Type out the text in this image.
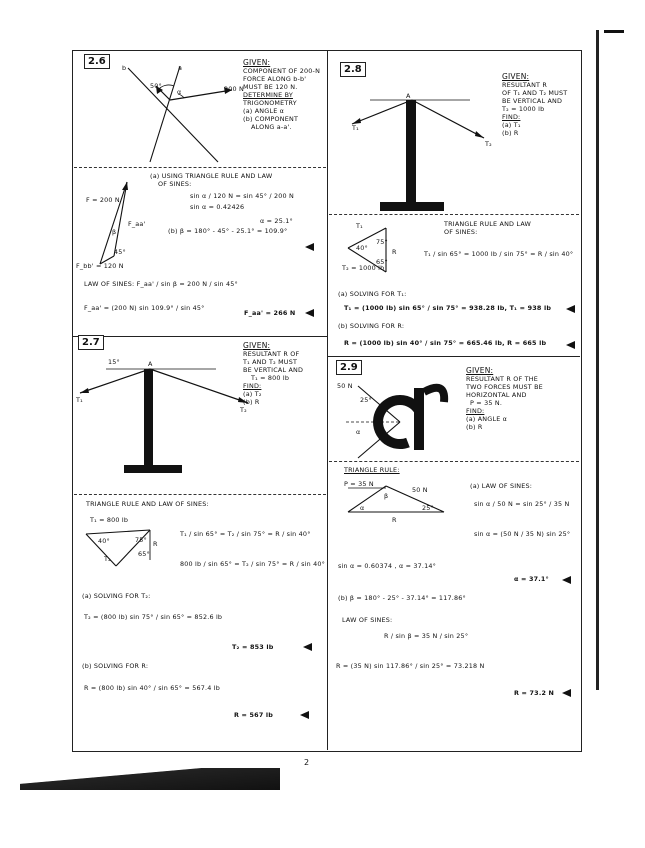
2.6
b	a
50°
α	200 N
GIVEN:
COMPONENT OF 200-N
FORCE ALONG b-b'
MUST BE 120 N.
DETERMINE BY
TRIGONOMETRY
(a) ANGLE α
(b) COMPONENT
ALONG a-a'.
F = 200 N
F_bb' = 120 N
F_aa'
β
45°
(a) USING TRIANGLE RULE AND LAW
OF SINES:
sin α / 120 N = sin 45° / 200 N
sin α = 0.42426
α = 25.1°
(b) β = 180° - 45° - 25.1° = 109.9°
LAW OF SINES: F_aa' / sin β = 200 N / sin 45°
F_aa' = (200 N) sin 109.9° / sin 45°
F_aa' = 266 N
2.7
15°	A
T₁
T₂
GIVEN:
RESULTANT R OF
T₁ AND T₂ MUST
BE VERTICAL AND
T₁ = 800 lb
FIND:
(a) T₂
(b) R
TRIANGLE RULE AND LAW OF SINES:
T₁ = 800 lb
T₂
R
40°
65°
75°
T₁ / sin 65° = T₂ / sin 75° = R / sin 40°
800 lb / sin 65° = T₂ / sin 75° = R / sin 40°
(a) SOLVING FOR T₂:
T₂ = (800 lb) sin 75° / sin 65° = 852.6 lb
T₂ = 853 lb
(b) SOLVING FOR R:
R = (800 lb) sin 40° / sin 65° = 567.4 lb
R = 567 lb
2.8
A
T₁
T₂
GIVEN:
RESULTANT R
OF T₁ AND T₂ MUST
BE VERTICAL AND
T₂ = 1000 lb
FIND:
(a) T₁
(b) R
T₁
T₂ = 1000 lb
R
40°
65°
75°
TRIANGLE RULE AND LAW
OF SINES:
T₁ / sin 65° = 1000 lb / sin 75° = R / sin 40°
(a) SOLVING FOR T₁:
T₁ = (1000 lb) sin 65° / sin 75° = 938.28 lb, T₁ = 938 lb
(b) SOLVING FOR R:
R = (1000 lb) sin 40° / sin 75° = 665.46 lb, R = 665 lb
2.9
50 N
25°
α
GIVEN:
RESULTANT R OF THE
TWO FORCES MUST BE
HORIZONTAL AND
P = 35 N.
FIND:
(a) ANGLE α
(b) R
TRIANGLE RULE:
P = 35 N
50 N
R
α
β
25°
(a) LAW OF SINES:
sin α / 50 N = sin 25° / 35 N
sin α = (50 N / 35 N) sin 25°
sin α = 0.60374 , α = 37.14°
α = 37.1°
(b) β = 180° - 25° - 37.14° = 117.86°
LAW OF SINES:
R / sin β = 35 N / sin 25°
R = (35 N) sin 117.86° / sin 25° = 73.218 N
R = 73.2 N
2
